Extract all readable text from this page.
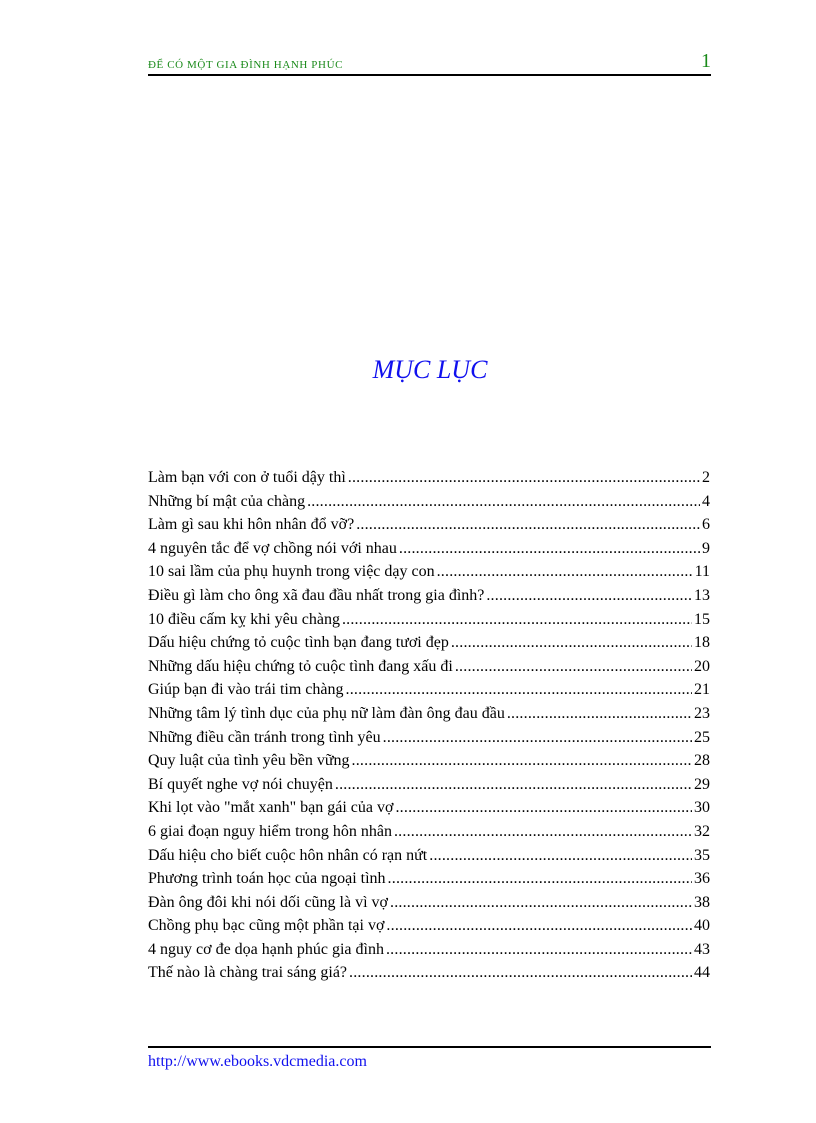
ĐỂ CÓ MỘT GIA ĐÌNH HẠNH PHÚC	1
MỤC LỤC
Làm bạn với con ở tuổi dậy thì .....	2
Những bí mật của chàng .....	4
Làm gì sau khi hôn nhân đổ vỡ? .....	6
4 nguyên tắc để vợ chồng nói với nhau .....	9
10 sai lầm của phụ huynh trong việc dạy con .....	11
Điều gì làm cho ông xã đau đầu nhất trong gia đình? .....	13
10 điều cấm kỵ khi yêu chàng .....	15
Dấu hiệu chứng tỏ cuộc tình bạn đang tươi đẹp .....	18
Những dấu hiệu chứng tỏ cuộc tình đang xấu đi .....	20
Giúp bạn đi vào trái tim chàng .....	21
Những tâm lý tình dục của phụ nữ làm đàn ông đau đầu .....	23
Những điều cần tránh trong tình yêu .....	25
Quy luật của tình yêu bền vững .....	28
Bí quyết nghe vợ nói chuyện .....	29
Khi lọt vào "mắt xanh" bạn gái của vợ .....	30
6 giai đoạn nguy hiểm trong hôn nhân .....	32
Dấu hiệu cho biết cuộc hôn nhân có rạn nứt .....	35
Phương trình toán học của ngoại tình .....	36
Đàn ông đôi khi nói dối cũng là vì vợ .....	38
Chồng phụ bạc cũng một phần tại vợ .....	40
4 nguy cơ đe dọa hạnh phúc gia đình .....	43
Thế nào là chàng trai sáng giá? .....	44
http://www.ebooks.vdcmedia.com
